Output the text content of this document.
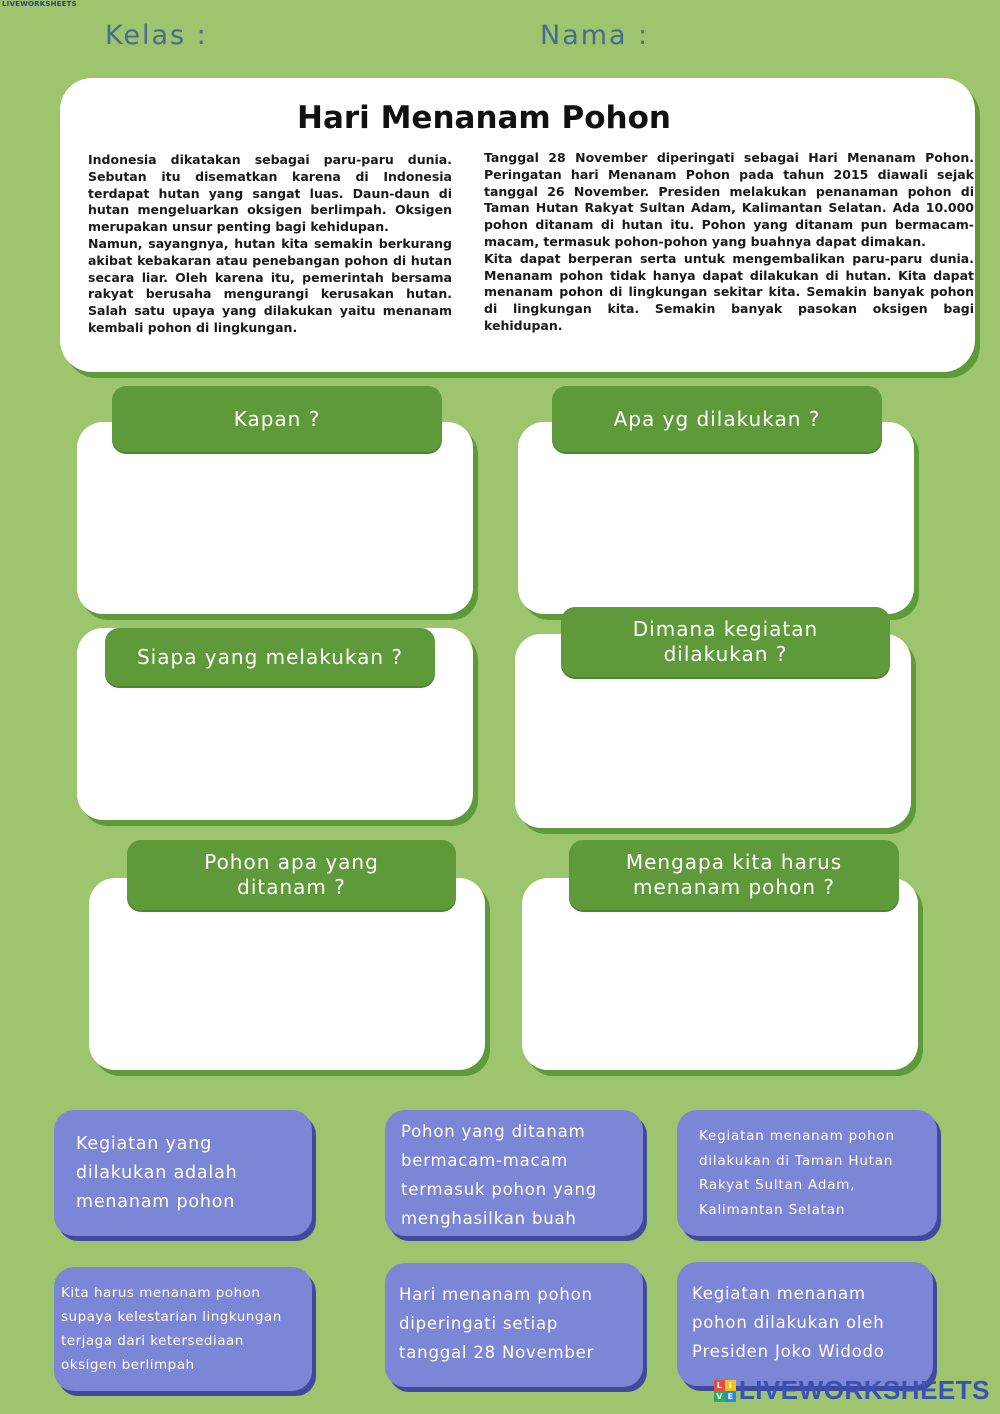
LIVEWORKSHEETS
Kelas :	Nama :
Hari Menanam Pohon

Indonesia dikatakan sebagai paru-paru dunia. Sebutan itu disematkan karena di Indonesia terdapat hutan yang sangat luas. Daun-daun di hutan mengeluarkan oksigen berlimpah. Oksigen merupakan unsur penting bagi kehidupan.

Namun, sayangnya, hutan kita semakin berkurang akibat kebakaran atau penebangan pohon di hutan secara liar. Oleh karena itu, pemerintah bersama rakyat berusaha mengurangi kerusakan hutan. Salah satu upaya yang dilakukan yaitu menanam kembali pohon di lingkungan.

Tanggal 28 November diperingati sebagai Hari Menanam Pohon. Peringatan hari Menanam Pohon pada tahun 2015 diawali sejak tanggal 26 November. Presiden melakukan penanaman pohon di Taman Hutan Rakyat Sultan Adam, Kalimantan Selatan. Ada 10.000 pohon ditanam di hutan itu. Pohon yang ditanam pun bermacam-macam, termasuk pohon-pohon yang buahnya dapat dimakan.

Kita dapat berperan serta untuk mengembalikan paru-paru dunia. Menanam pohon tidak hanya dapat dilakukan di hutan. Kita dapat menanam pohon di lingkungan sekitar kita. Semakin banyak pohon di lingkungan kita. Semakin banyak pasokan oksigen bagi kehidupan.

Kapan ?	Apa yg dilakukan ?
Siapa yang melakukan ?
Dimana kegiatan
dilakukan ?
Pohon apa yang
ditanam ?
Mengapa kita harus
menanam pohon ?
Kegiatan yang
dilakukan adalah
menanam pohon
Pohon yang ditanam
bermacam-macam
termasuk pohon yang
menghasilkan buah
Kegiatan menanam pohon
dilakukan di Taman Hutan
Rakyat Sultan Adam,
Kalimantan Selatan
Kita harus menanam pohon
supaya kelestarian lingkungan
terjaga dari ketersediaan
oksigen berlimpah
Hari menanam pohon
diperingati setiap
tanggal 28 November
Kegiatan menanam
pohon dilakukan oleh
Presiden Joko Widodo
L I
V E LIVEWORKSHEETS
